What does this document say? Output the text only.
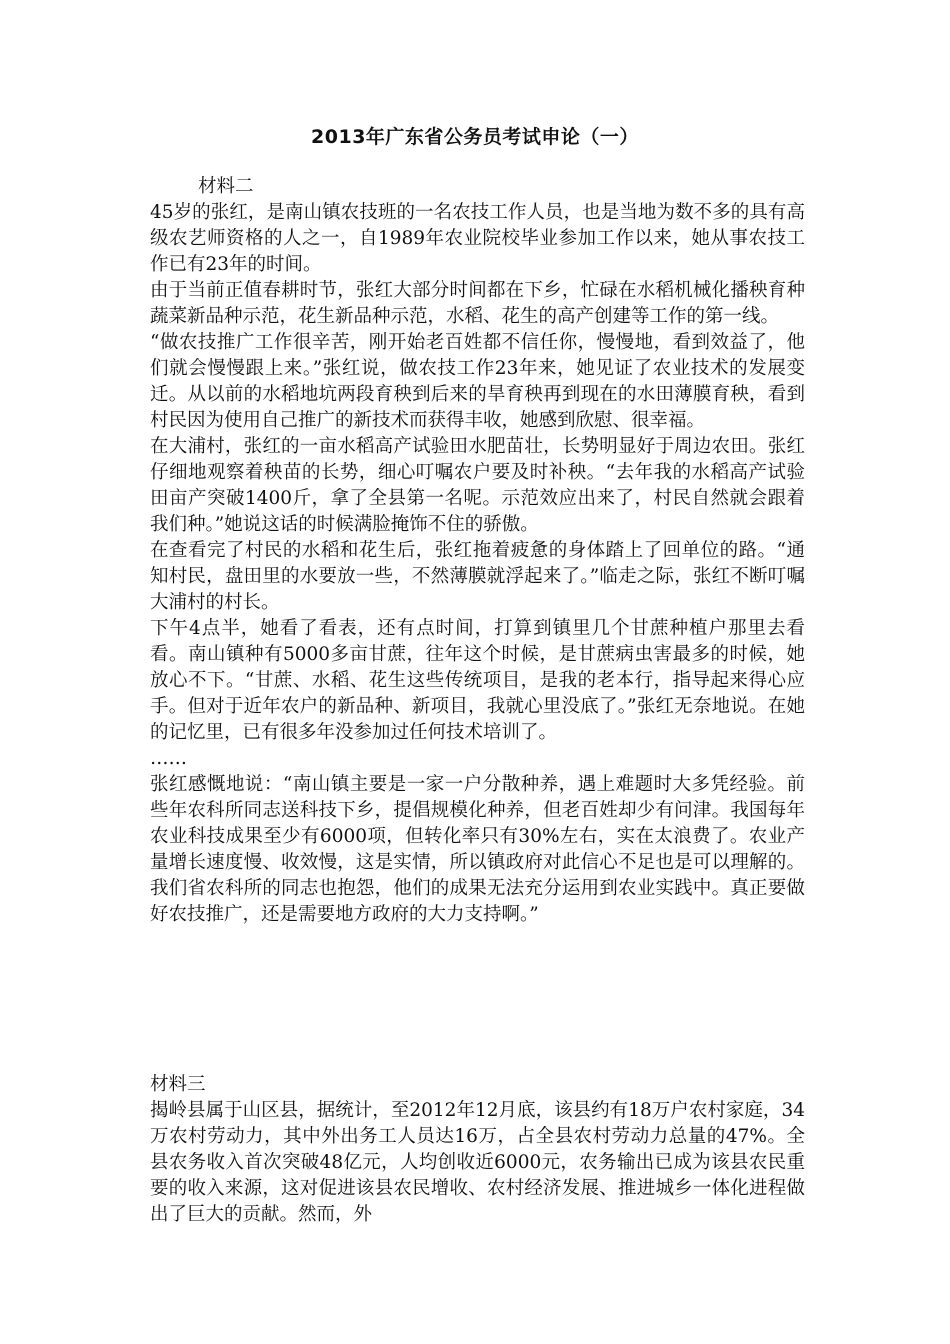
2013年广东省公务员考试申论（一）
材料二

45岁的张红，是南山镇农技班的一名农技工作人员，也是当地为数不多的具有高级农艺师资格的人之一，自1989年农业院校毕业参加工作以来，她从事农技工作已有23年的时间。

由于当前正值春耕时节，张红大部分时间都在下乡，忙碌在水稻机械化播秧育种蔬菜新品种示范，花生新品种示范，水稻、花生的高产创建等工作的第一线。

“做农技推广工作很辛苦，刚开始老百姓都不信任你，慢慢地，看到效益了，他们就会慢慢跟上来。”张红说，做农技工作23年来，她见证了农业技术的发展变迁。从以前的水稻地坑两段育秧到后来的旱育秧再到现在的水田薄膜育秧，看到村民因为使用自己推广的新技术而获得丰收，她感到欣慰、很幸福。

在大浦村，张红的一亩水稻高产试验田水肥苗壮，长势明显好于周边农田。张红仔细地观察着秧苗的长势，细心叮嘱农户要及时补秧。“去年我的水稻高产试验田亩产突破1400斤，拿了全县第一名呢。示范效应出来了，村民自然就会跟着我们种。”她说这话的时候满脸掩饰不住的骄傲。

在查看完了村民的水稻和花生后，张红拖着疲惫的身体踏上了回单位的路。“通知村民，盘田里的水要放一些，不然薄膜就浮起来了。”临走之际，张红不断叮嘱大浦村的村长。

下午4点半，她看了看表，还有点时间，打算到镇里几个甘蔗种植户那里去看看。南山镇种有5000多亩甘蔗，往年这个时候，是甘蔗病虫害最多的时候，她放心不下。“甘蔗、水稻、花生这些传统项目，是我的老本行，指导起来得心应手。但对于近年农户的新品种、新项目，我就心里没底了。”张红无奈地说。在她的记忆里，已有很多年没参加过任何技术培训了。

……

张红感慨地说：“南山镇主要是一家一户分散种养，遇上难题时大多凭经验。前些年农科所同志送科技下乡，提倡规模化种养，但老百姓却少有问津。我国每年农业科技成果至少有6000项，但转化率只有30%左右，实在太浪费了。农业产量增长速度慢、收效慢，这是实情，所以镇政府对此信心不足也是可以理解的。我们省农科所的同志也抱怨，他们的成果无法充分运用到农业实践中。真正要做好农技推广，还是需要地方政府的大力支持啊。”

材料三

揭岭县属于山区县，据统计，至2012年12月底，该县约有18万户农村家庭，34万农村劳动力，其中外出务工人员达16万，占全县农村劳动力总量的47%。全县农务收入首次突破48亿元，人均创收近6000元，农务输出已成为该县农民重要的收入来源，这对促进该县农民增收、农村经济发展、推进城乡一体化进程做出了巨大的贡献。然而，外
